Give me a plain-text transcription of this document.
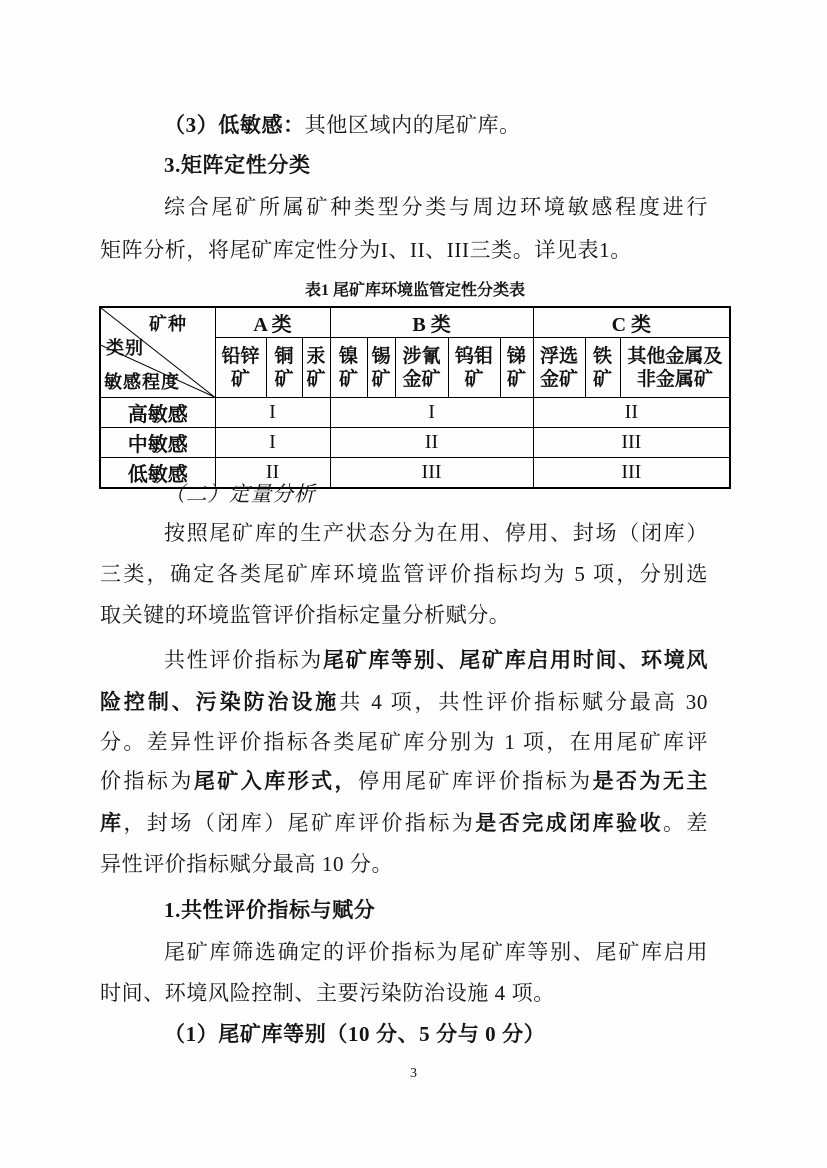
（3）低敏感：其他区域内的尾矿库。
3.矩阵定性分类
综合尾矿所属矿种类型分类与周边环境敏感程度进行
矩阵分析，将尾矿库定性分为I、II、III三类。详见表1。
表1 尾矿库环境监管定性分类表
矿种
类别
敏感程度	A 类			B 类					C 类		
	铅锌矿	铜矿	汞矿	镍矿	锡矿	涉氰金矿	钨钼矿	锑矿	浮选金矿	铁矿	其他金属及非金属矿
高敏感	I			I					II		
中敏感	I			II					III		
低敏感	II			III					III		
（二）定量分析
按照尾矿库的生产状态分为在用、停用、封场（闭库）
三类，确定各类尾矿库环境监管评价指标均为 5 项，分别选
取关键的环境监管评价指标定量分析赋分。
共性评价指标为尾矿库等别、尾矿库启用时间、环境风
险控制、污染防治设施共 4 项，共性评价指标赋分最高 30
分。差异性评价指标各类尾矿库分别为 1 项，在用尾矿库评
价指标为尾矿入库形式，停用尾矿库评价指标为是否为无主
库，封场（闭库）尾矿库评价指标为是否完成闭库验收。差
异性评价指标赋分最高 10 分。
1.共性评价指标与赋分
尾矿库筛选确定的评价指标为尾矿库等别、尾矿库启用
时间、环境风险控制、主要污染防治设施 4 项。
（1）尾矿库等别（10 分、5 分与 0 分）
3
